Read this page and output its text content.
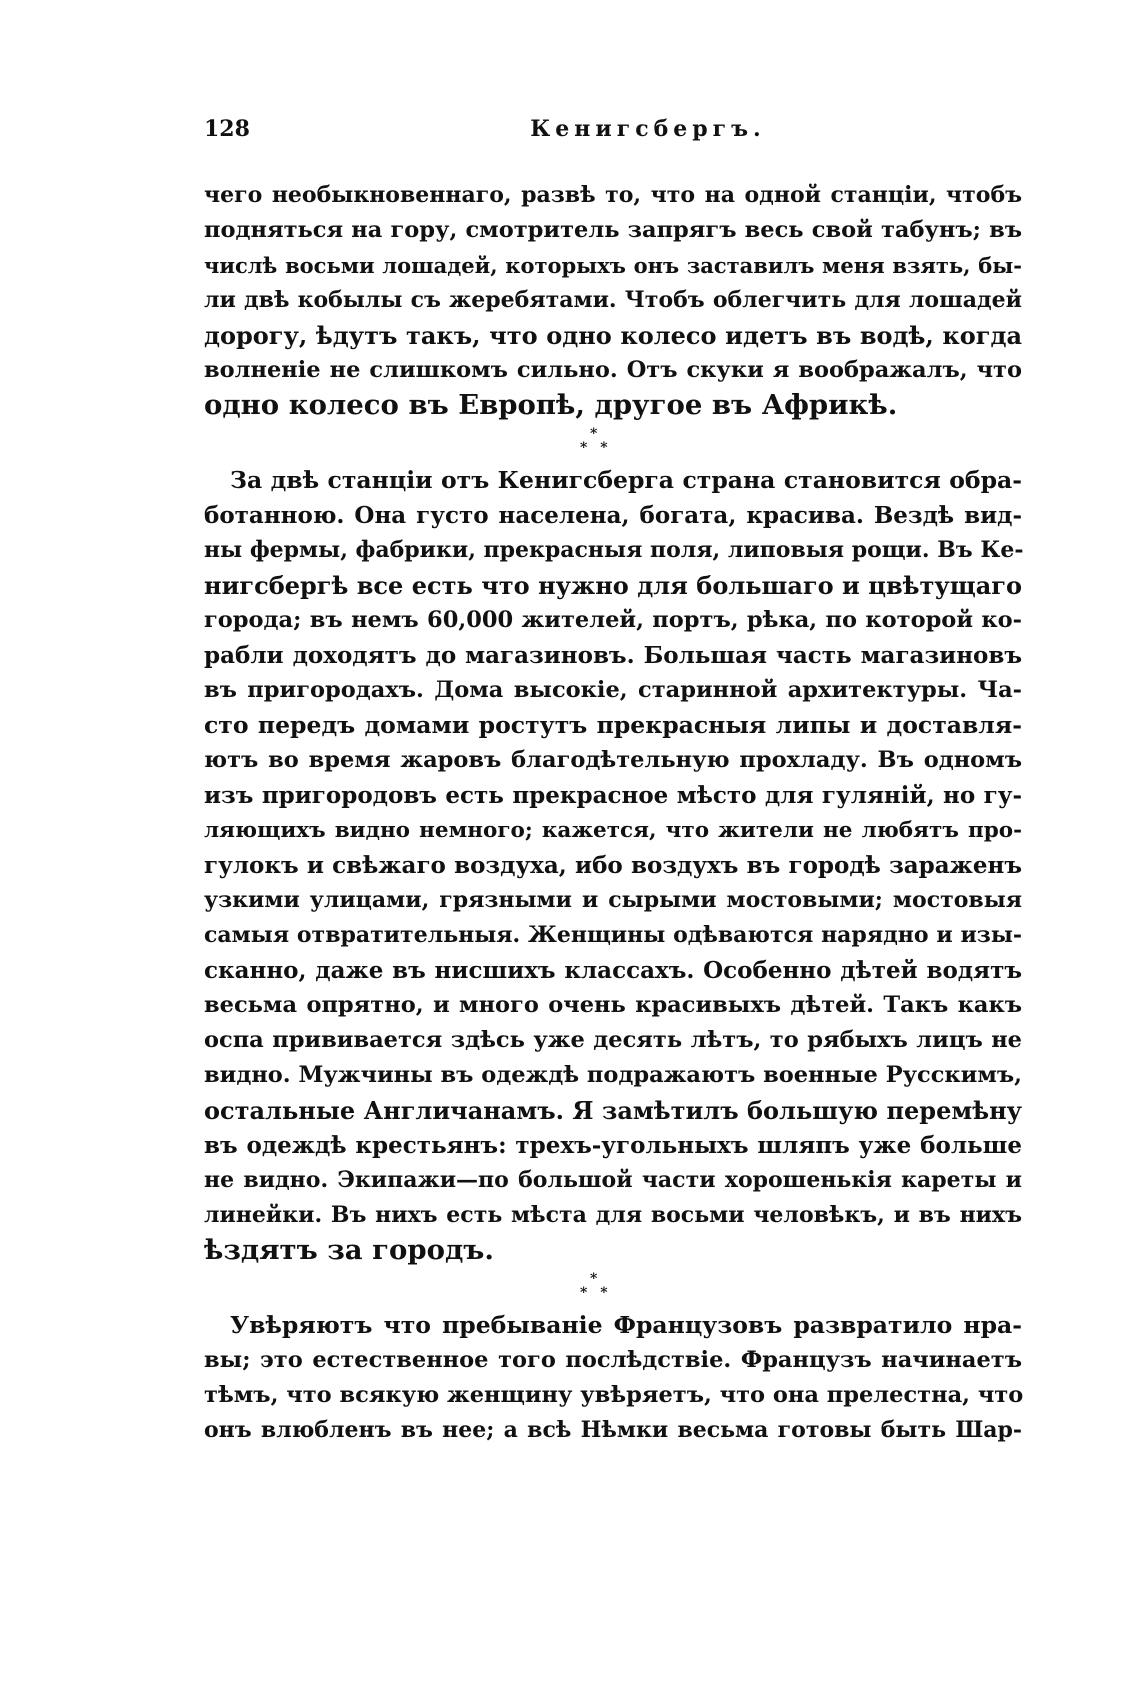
128	Кенигсбергъ.
чего необыкновеннаго, развѣ то, что на одной станціи, чтобъ
подняться на гору, смотритель запрягъ весь свой табунъ; въ
числѣ восьми лошадей, которыхъ онъ заставилъ меня взять, бы-
ли двѣ кобылы съ жеребятами. Чтобъ облегчить для лошадей
дорогу, ѣдутъ такъ, что одно колесо идетъ въ водѣ, когда
волненіе не слишкомъ сильно. Отъ скуки я воображалъ, что
одно колесо въ Европѣ, другое въ Африкѣ.
*
* *
За двѣ станціи отъ Кенигсберга страна становится обра-
ботанною. Она густо населена, богата, красива. Вездѣ вид-
ны фермы, фабрики, прекрасныя поля, липовыя рощи. Въ Ке-
нигсбергѣ все есть что нужно для большаго и цвѣтущаго
города; въ немъ 60,000 жителей, портъ, рѣка, по которой ко-
рабли доходятъ до магазиновъ. Большая часть магазиновъ
въ пригородахъ. Дома высокіе, старинной архитектуры. Ча-
сто передъ домами ростутъ прекрасныя липы и доставля-
ютъ во время жаровъ благодѣтельную прохладу. Въ одномъ
изъ пригородовъ есть прекрасное мѣсто для гуляній, но гу-
ляющихъ видно немного; кажется, что жители не любятъ про-
гулокъ и свѣжаго воздуха, ибо воздухъ въ городѣ зараженъ
узкими улицами, грязными и сырыми мостовыми; мостовыя
самыя отвратительныя. Женщины одѣваются нарядно и изы-
сканно, даже въ нисшихъ классахъ. Особенно дѣтей водятъ
весьма опрятно, и много очень красивыхъ дѣтей. Такъ какъ
оспа прививается здѣсь уже десять лѣтъ, то рябыхъ лицъ не
видно. Мужчины въ одеждѣ подражаютъ военные Русскимъ,
остальные Англичанамъ. Я замѣтилъ большую перемѣну
въ одеждѣ крестьянъ: трехъ-угольныхъ шляпъ уже больше
не видно. Экипажи—по большой части хорошенькія кареты и
линейки. Въ нихъ есть мѣста для восьми человѣкъ, и въ нихъ
ѣздятъ за городъ.
*
* *
Увѣряютъ что пребываніе Французовъ развратило нра-
вы; это естественное того послѣдствіе. Французъ начинаетъ
тѣмъ, что всякую женщину увѣряетъ, что она прелестна, что
онъ влюбленъ въ нее; а всѣ Нѣмки весьма готовы быть Шар-
